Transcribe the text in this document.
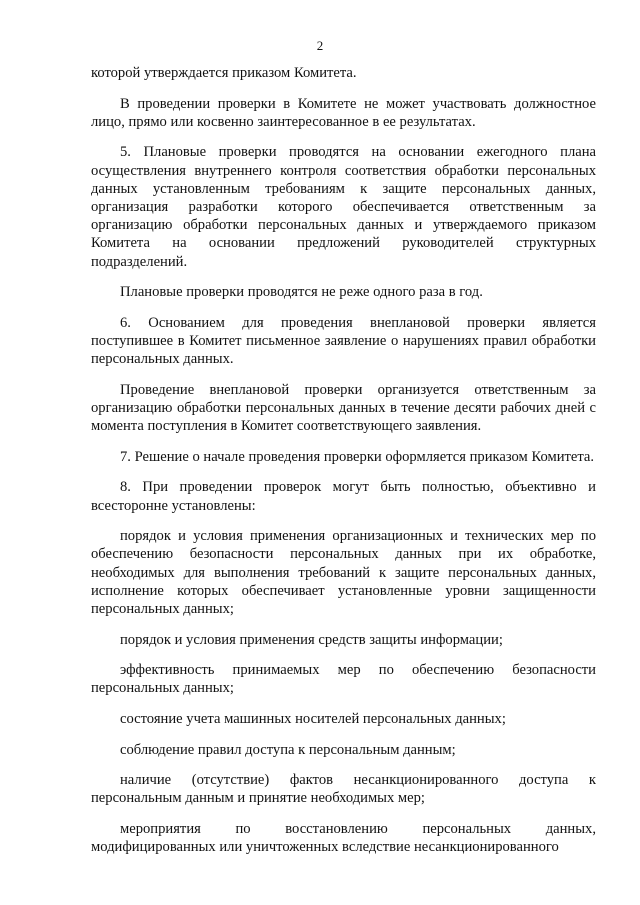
2

которой утверждается приказом Комитета.

В проведении проверки в Комитете не может участвовать должностное лицо, прямо или косвенно заинтересованное в ее результатах.

5. Плановые проверки проводятся на основании ежегодного плана осуществления внутреннего контроля соответствия обработки персональных данных установленным требованиям к защите персональных данных, организация разработки которого обеспечивается ответственным за организацию обработки персональных данных и утверждаемого приказом Комитета на основании предложений руководителей структурных подразделений.

Плановые проверки проводятся не реже одного раза в год.

6. Основанием для проведения внеплановой проверки является поступившее в Комитет письменное заявление о нарушениях правил обработки персональных данных.

Проведение внеплановой проверки организуется ответственным за организацию обработки персональных данных в течение десяти рабочих дней с момента поступления в Комитет соответствующего заявления.

7. Решение о начале проведения проверки оформляется приказом Комитета.

8. При проведении проверок могут быть полностью, объективно и всесторонне установлены:

порядок и условия применения организационных и технических мер по обеспечению безопасности персональных данных при их обработке, необходимых для выполнения требований к защите персональных данных, исполнение которых обеспечивает установленные уровни защищенности персональных данных;

порядок и условия применения средств защиты информации;

эффективность принимаемых мер по обеспечению безопасности персональных данных;

состояние учета машинных носителей персональных данных;

соблюдение правил доступа к персональным данным;

наличие (отсутствие) фактов несанкционированного доступа к персональным данным и принятие необходимых мер;

мероприятия по восстановлению персональных данных, модифицированных или уничтоженных вследствие несанкционированного
